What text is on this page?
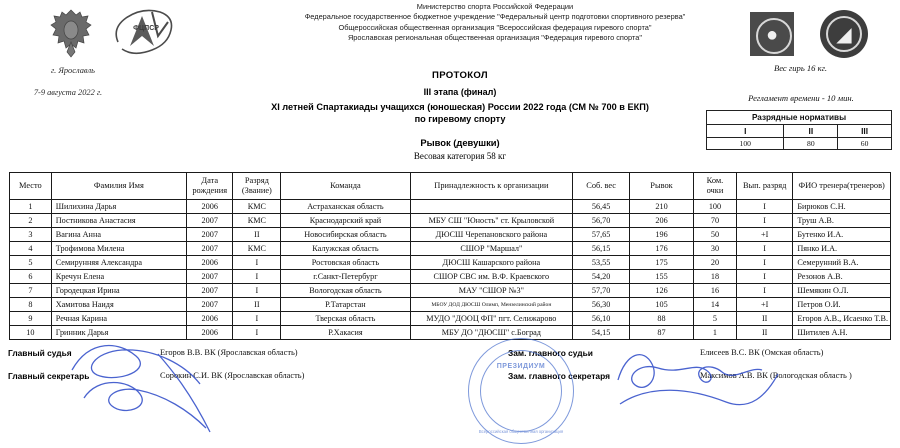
ФЦПСР
Министерство спорта Российской Федерации
Федеральное государственное бюджетное учреждение "Федеральный центр подготовки спортивного резерва"
Общероссийская общественная организация "Всероссийская федерация гиревого спорта"
Ярославская региональная общественная организация "Федерация гиревого спорта"
г. Ярославль
7-9 августа 2022 г.
ПРОТОКОЛ
III этапа (финал)
XI летней Спартакиады учащихся (юношеская) России 2022 года (СМ № 700 в ЕКП)
по гиревому спорту
Рывок (девушки)
Весовая категория 58 кг
●	◢
Вес гирь 16 кг.
Регламент времени - 10 мин.
Разрядные нормативы		
I	II	III
100	80	60
Место	Фамилия Имя	Дата
рождения	Разряд
(Звание)	Команда	Принадлежность к организации	Соб. вес	Рывок	Ком.
очки	Вып. разряд	ФИО тренера(тренеров)
1	Шилихина Дарья	2006	КМС	Астраханская область		56,45	210	100	I	Бирюков С.Н.
2	Постникова Анастасия	2007	КМС	Краснодарский край	МБУ СШ "Юность" ст. Крыловской	56,70	206	70	I	Труш А.В.
3	Вагина Анна	2007	II	Новосибирская область	ДЮСШ Черепановского района	57,65	196	50	+I	Бутенко И.А.
4	Трофимова Милена	2007	КМС	Калужская область	СШОР "Маршал"	56,15	176	30	I	Пянко И.А.
5	Семирунняя Александра	2006	I	Ростовская область	ДЮСШ Кашарского района	53,55	175	20	I	Семерунний В.А.
6	Кречун Елена	2007	I	г.Санкт-Петербург	СШОР СВС им. В.Ф. Краевского	54,20	155	18	I	Резонов А.В.
7	Городецкая Ирина	2007	I	Вологодская область	МАУ "СШОР №3"	57,70	126	16	I	Шемякин О.Л.
8	Хамитова Наидя	2007	II	Р.Татарстан	МБОУ ДОД ДЮСШ Олимп, Мензелинский район	56,30	105	14	+I	Петров О.И.
9	Речная Карина	2006	I	Тверская область	МУДО "ДООЦ ФП" пгт. Селижарово	56,10	88	5	II	Егоров А.В., Исаенко Т.В.
10	Гринник Дарья	2006	I	Р.Хакасия	МБУ ДО "ДЮСШ" с.Боград	54,15	87	1	II	Шитилев А.Н.
Главный судья	Егоров В.В. ВК (Ярославская область)
Главный секретарь	Сорокин С.И. ВК (Ярославская область)
Зам. главного судьи	Елисеев В.С. ВК (Омская область)
Зам. главного секретаря	Максимов А.В. ВК (Вологодская область )
ПРЕЗИДИУМ
Всероссийская общественная организация
